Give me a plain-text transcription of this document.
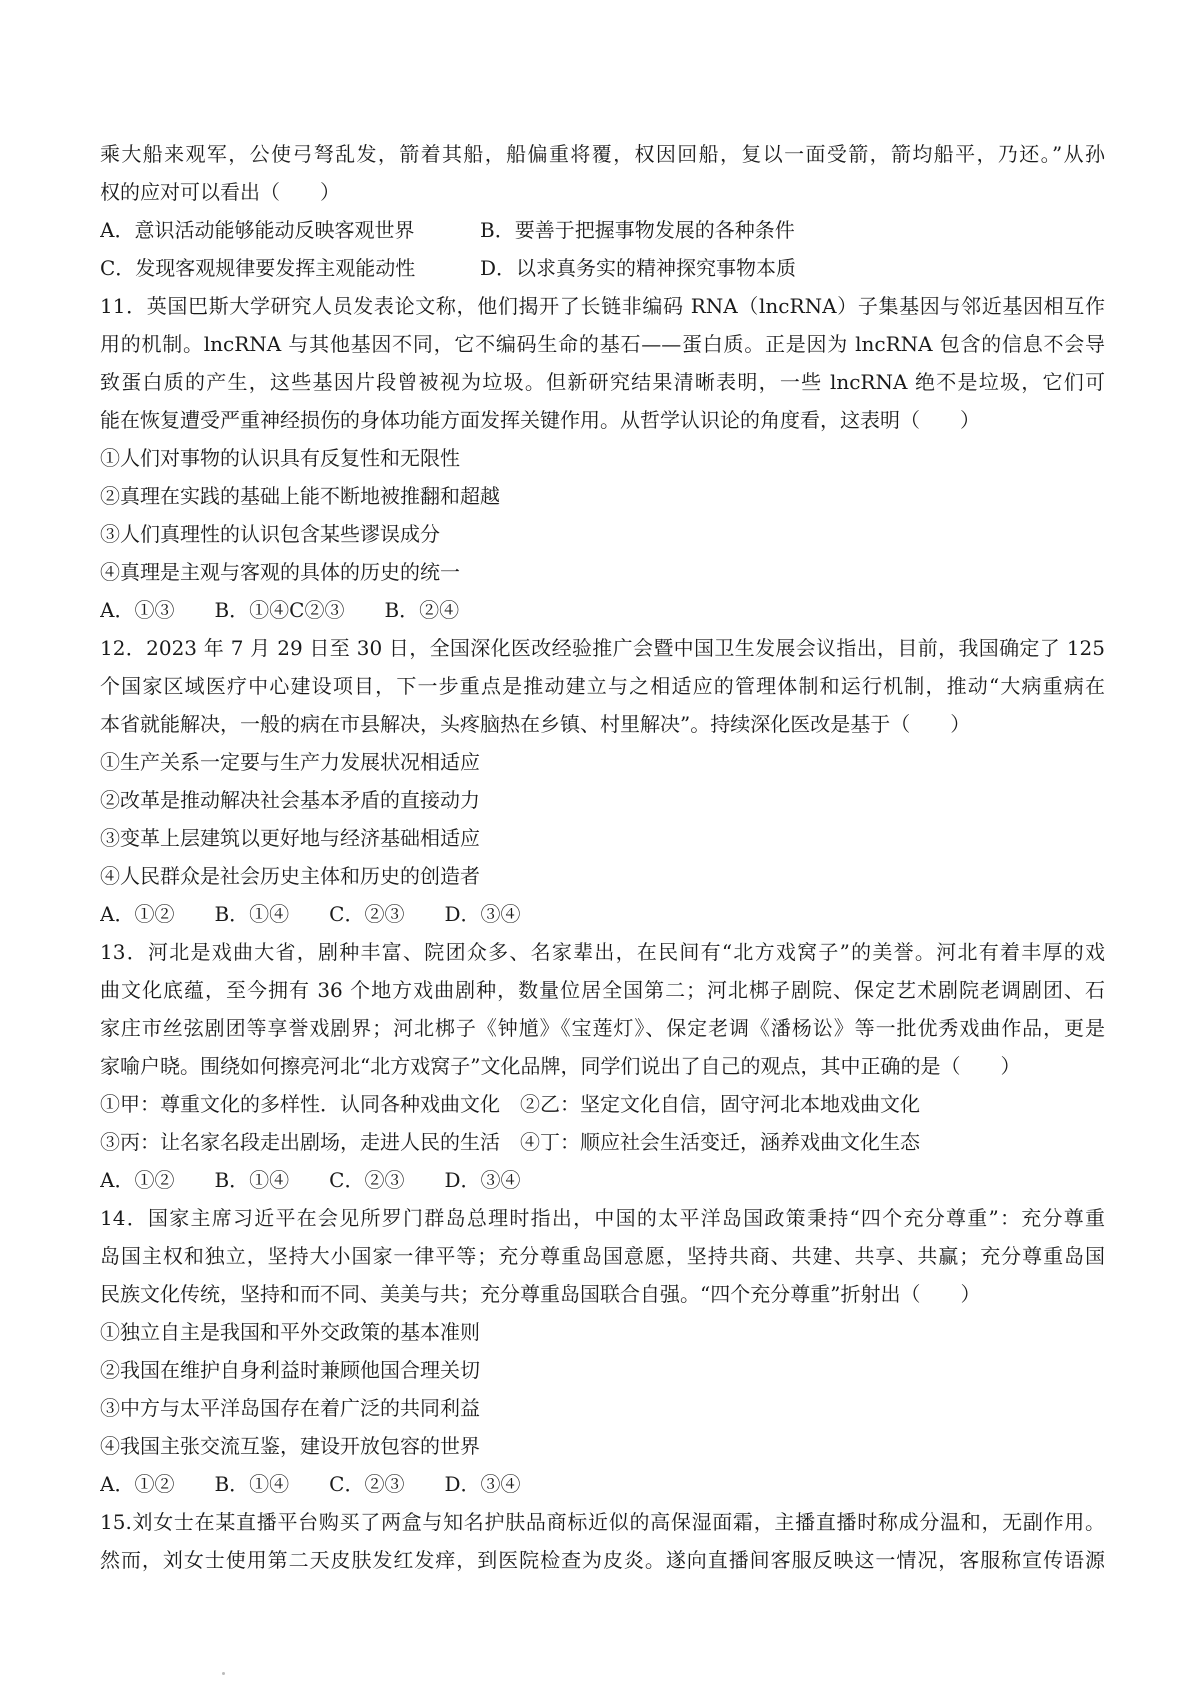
乘大船来观军，公使弓弩乱发，箭着其船，船偏重将覆，权因回船，复以一面受箭，箭均船平，乃还。”从孙
权的应对可以看出（　　）
A．意识活动能够能动反映客观世界	B．要善于把握事物发展的各种条件
C．发现客观规律要发挥主观能动性	D．以求真务实的精神探究事物本质
11．英国巴斯大学研究人员发表论文称，他们揭开了长链非编码 RNA（lncRNA）子集基因与邻近基因相互作
用的机制。lncRNA 与其他基因不同，它不编码生命的基石——蛋白质。正是因为 lncRNA 包含的信息不会导
致蛋白质的产生，这些基因片段曾被视为垃圾。但新研究结果清晰表明，一些 lncRNA 绝不是垃圾，它们可
能在恢复遭受严重神经损伤的身体功能方面发挥关键作用。从哲学认识论的角度看，这表明（　　）
①人们对事物的认识具有反复性和无限性
②真理在实践的基础上能不断地被推翻和超越
③人们真理性的认识包含某些谬误成分
④真理是主观与客观的具体的历史的统一
A．①③　　B．①④C②③　　B．②④
12．2023 年 7 月 29 日至 30 日，全国深化医改经验推广会暨中国卫生发展会议指出，目前，我国确定了 125
个国家区域医疗中心建设项目，下一步重点是推动建立与之相适应的管理体制和运行机制，推动“大病重病在
本省就能解决，一般的病在市县解决，头疼脑热在乡镇、村里解决”。持续深化医改是基于（　　）
①生产关系一定要与生产力发展状况相适应
②改革是推动解决社会基本矛盾的直接动力
③变革上层建筑以更好地与经济基础相适应
④人民群众是社会历史主体和历史的创造者
A．①②　　B．①④　　C．②③　　D．③④
13．河北是戏曲大省，剧种丰富、院团众多、名家辈出，在民间有“北方戏窝子”的美誉。河北有着丰厚的戏
曲文化底蕴，至今拥有 36 个地方戏曲剧种，数量位居全国第二；河北梆子剧院、保定艺术剧院老调剧团、石
家庄市丝弦剧团等享誉戏剧界；河北梆子《钟馗》《宝莲灯》、保定老调《潘杨讼》等一批优秀戏曲作品，更是
家喻户晓。围绕如何擦亮河北“北方戏窝子”文化品牌，同学们说出了自己的观点，其中正确的是（　　）
①甲：尊重文化的多样性．认同各种戏曲文化　②乙：坚定文化自信，固守河北本地戏曲文化
③丙：让名家名段走出剧场，走进人民的生活　④丁：顺应社会生活变迁，涵养戏曲文化生态
A．①②　　B．①④　　C．②③　　D．③④
14．国家主席习近平在会见所罗门群岛总理时指出，中国的太平洋岛国政策秉持“四个充分尊重”：充分尊重
岛国主权和独立，坚持大小国家一律平等；充分尊重岛国意愿，坚持共商、共建、共享、共赢；充分尊重岛国
民族文化传统，坚持和而不同、美美与共；充分尊重岛国联合自强。“四个充分尊重”折射出（　　）
①独立自主是我国和平外交政策的基本准则
②我国在维护自身利益时兼顾他国合理关切
③中方与太平洋岛国存在着广泛的共同利益
④我国主张交流互鉴，建设开放包容的世界
A．①②　　B．①④　　C．②③　　D．③④
15.刘女士在某直播平台购买了两盒与知名护肤品商标近似的高保湿面霜，主播直播时称成分温和，无副作用。
然而，刘女士使用第二天皮肤发红发痒，到医院检查为皮炎。遂向直播间客服反映这一情况，客服称宣传语源
